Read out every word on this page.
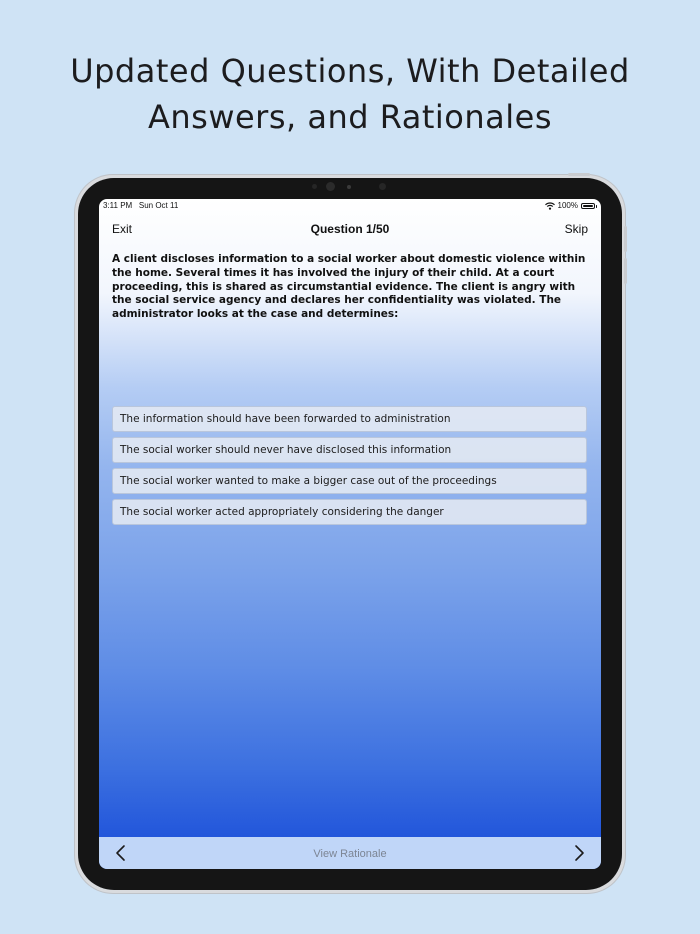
Updated Questions, With Detailed
Answers, and Rationales
3:11 PM Sun Oct 11	100%
Exit	Question 1/50	Skip
A client discloses information to a social worker about domestic violence within the home. Several times it has involved the injury of their child. At a court proceeding, this is shared as circumstantial evidence. The client is angry with the social service agency and declares her confidentiality was violated. The administrator looks at the case and determines:
The information should have been forwarded to administration
The social worker should never have disclosed this information
The social worker wanted to make a bigger case out of the proceedings
The social worker acted appropriately considering the danger
View Rationale
